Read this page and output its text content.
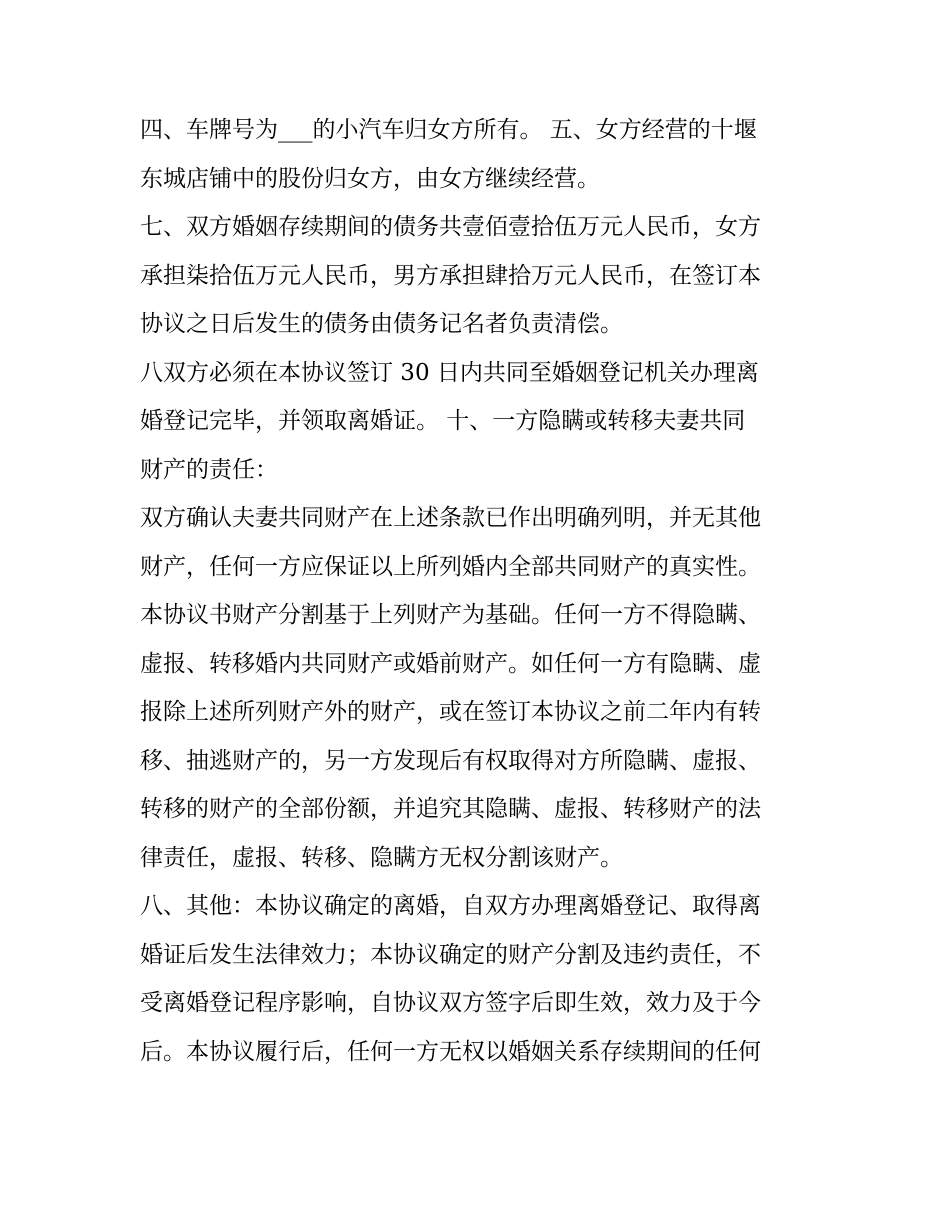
四、车牌号为___的小汽车归女方所有。 五、女方经营的十堰
东城店铺中的股份归女方，由女方继续经营。
七、双方婚姻存续期间的债务共壹佰壹拾伍万元人民币，女方
承担柒拾伍万元人民币，男方承担肆拾万元人民币，在签订本
协议之日后发生的债务由债务记名者负责清偿。
八双方必须在本协议签订 30 日内共同至婚姻登记机关办理离
婚登记完毕，并领取离婚证。 十、一方隐瞒或转移夫妻共同
财产的责任：
双方确认夫妻共同财产在上述条款已作出明确列明，并无其他
财产，任何一方应保证以上所列婚内全部共同财产的真实性。
本协议书财产分割基于上列财产为基础。任何一方不得隐瞒、
虚报、转移婚内共同财产或婚前财产。如任何一方有隐瞒、虚
报除上述所列财产外的财产，或在签订本协议之前二年内有转
移、抽逃财产的，另一方发现后有权取得对方所隐瞒、虚报、
转移的财产的全部份额，并追究其隐瞒、虚报、转移财产的法
律责任，虚报、转移、隐瞒方无权分割该财产。
八、其他：本协议确定的离婚，自双方办理离婚登记、取得离
婚证后发生法律效力；本协议确定的财产分割及违约责任，不
受离婚登记程序影响，自协议双方签字后即生效，效力及于今
后。本协议履行后，任何一方无权以婚姻关系存续期间的任何
